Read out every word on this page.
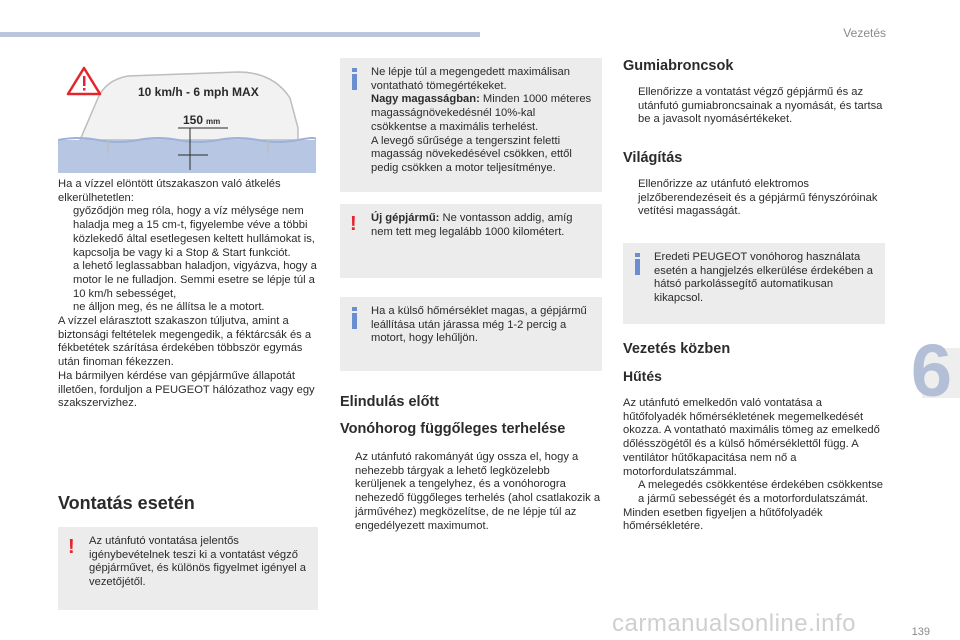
Vezetés
6
10 km/h - 6 mph MAX
150 mm
Ha a vízzel elöntött útszakaszon való átkelés elkerülhetetlen:
győződjön meg róla, hogy a víz mélysége nem haladja meg a 15 cm-t, figyelembe véve a többi közlekedő által esetlegesen keltett hullámokat is,
kapcsolja be vagy ki a Stop & Start funkciót.
a lehető leglassabban haladjon, vigyázva, hogy a motor le ne fulladjon. Semmi esetre se lépje túl a 10 km/h sebességet,
ne álljon meg, és ne állítsa le a motort.
A vízzel elárasztott szakaszon túljutva, amint a biztonsági feltételek megengedik, a féktárcsák és a fékbetétek szárítása érdekében többször egymás után finoman fékezzen.
Ha bármilyen kérdése van gépjárműve állapotát illetően, forduljon a PEUGEOT hálózathoz vagy egy szakszervizhez.
Vontatás esetén
! Az utánfutó vontatása jelentős igénybevételnek teszi ki a vontatást végző gépjárművet, és különös figyelmet igényel a vezetőjétől.
Ne lépje túl a megengedett maximálisan vontatható tömegértékeket.
Nagy magasságban: Minden 1000 méteres magasságnövekedésnél 10%-kal csökkentse a maximális terhelést.
A levegő sűrűsége a tengerszint feletti magasság növekedésével csökken, ettől pedig csökken a motor teljesítménye.
! Új gépjármű: Ne vontasson addig, amíg nem tett meg legalább 1000 kilométert.
Ha a külső hőmérséklet magas, a gépjármű leállítása után járassa még 1-2 percig a motort, hogy lehűljön.
Elindulás előtt
Vonóhorog függőleges terhelése
Az utánfutó rakományát úgy ossza el, hogy a nehezebb tárgyak a lehető legközelebb kerüljenek a tengelyhez, és a vonóhorogra nehezedő függőleges terhelés (ahol csatlakozik a járművéhez) megközelítse, de ne lépje túl az engedélyezett maximumot.
Gumiabroncsok
Ellenőrizze a vontatást végző gépjármű és az utánfutó gumiabroncsainak a nyomását, és tartsa be a javasolt nyomásértékeket.
Világítás
Ellenőrizze az utánfutó elektromos jelzőberendezéseit és a gépjármű fényszóróinak vetítési magasságát.
Eredeti PEUGEOT vonóhorog használata esetén a hangjelzés elkerülése érdekében a hátsó parkolássegítő automatikusan kikapcsol.
Vezetés közben
Hűtés
Az utánfutó emelkedőn való vontatása a hűtőfolyadék hőmérsékletének megemelkedését okozza. A vontatható maximális tömeg az emelkedő dőlésszögétől és a külső hőmérséklettől függ. A ventilátor hűtőkapacitása nem nő a motorfordulatszámmal.
A melegedés csökkentése érdekében csökkentse a jármű sebességét és a motorfordulatszámát.
Minden esetben figyeljen a hűtőfolyadék hőmérsékletére.
carmanualsonline.info	139
